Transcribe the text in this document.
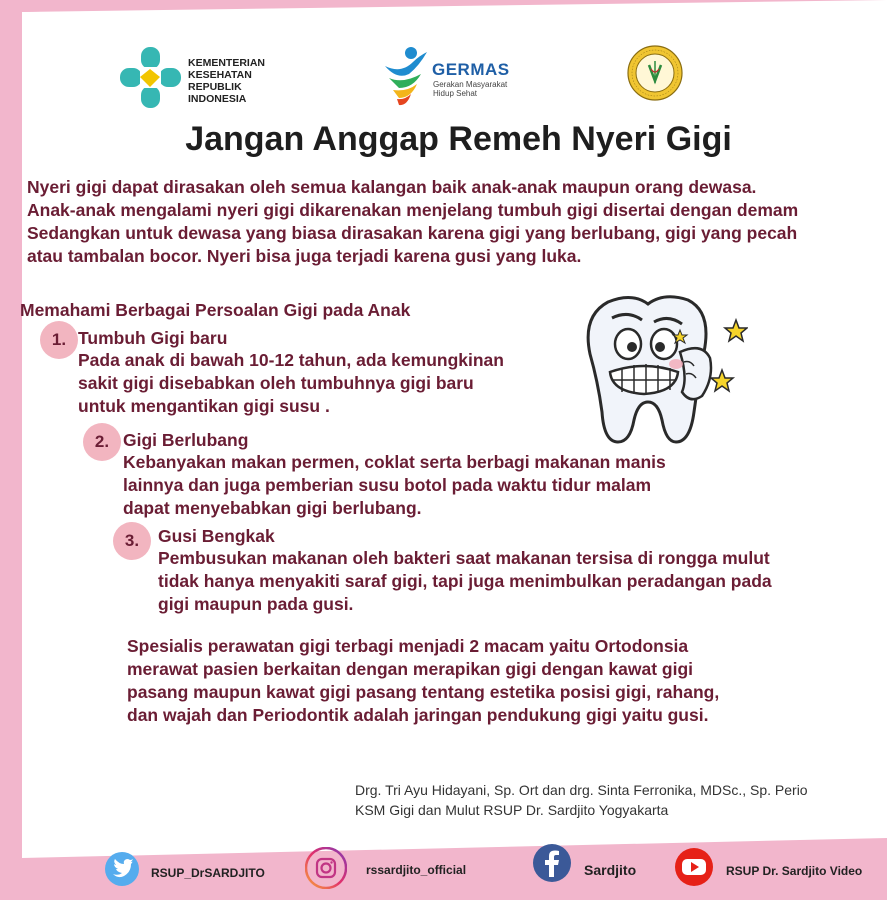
KEMENTERIAN
KESEHATAN
REPUBLIK
INDONESIA
GERMAS
Gerakan Masyarakat
Hidup Sehat
Jangan Anggap Remeh Nyeri Gigi
Nyeri gigi dapat dirasakan oleh semua kalangan baik anak-anak maupun orang dewasa.
Anak-anak mengalami nyeri gigi dikarenakan menjelang tumbuh gigi disertai dengan demam
Sedangkan untuk dewasa yang biasa dirasakan karena gigi yang berlubang, gigi yang pecah
atau tambalan bocor. Nyeri bisa juga terjadi karena gusi yang luka.
Memahami Berbagai Persoalan Gigi pada Anak
1. Tumbuh Gigi baru
Pada anak di bawah 10-12 tahun, ada kemungkinan
sakit gigi disebabkan oleh tumbuhnya gigi baru
untuk mengantikan gigi susu .
2. Gigi Berlubang
Kebanyakan makan permen, coklat serta berbagi makanan manis
lainnya dan juga pemberian susu botol pada waktu tidur malam
dapat menyebabkan gigi berlubang.
3.	Gusi Bengkak
Pembusukan makanan oleh bakteri saat makanan tersisa di rongga mulut
tidak hanya menyakiti saraf gigi, tapi juga menimbulkan peradangan pada
gigi maupun pada gusi.
Spesialis perawatan gigi terbagi menjadi 2 macam yaitu Ortodonsia
merawat pasien berkaitan dengan merapikan gigi dengan kawat gigi
pasang maupun kawat gigi pasang tentang estetika posisi gigi, rahang,
dan wajah dan Periodontik adalah jaringan pendukung gigi yaitu gusi.
Drg. Tri Ayu Hidayani, Sp. Ort dan drg. Sinta Ferronika, MDSc., Sp. Perio
KSM Gigi dan Mulut RSUP Dr. Sardjito Yogyakarta
RSUP_DrSARDJITO	rssardjito_official	Sardjito	RSUP Dr. Sardjito Video
